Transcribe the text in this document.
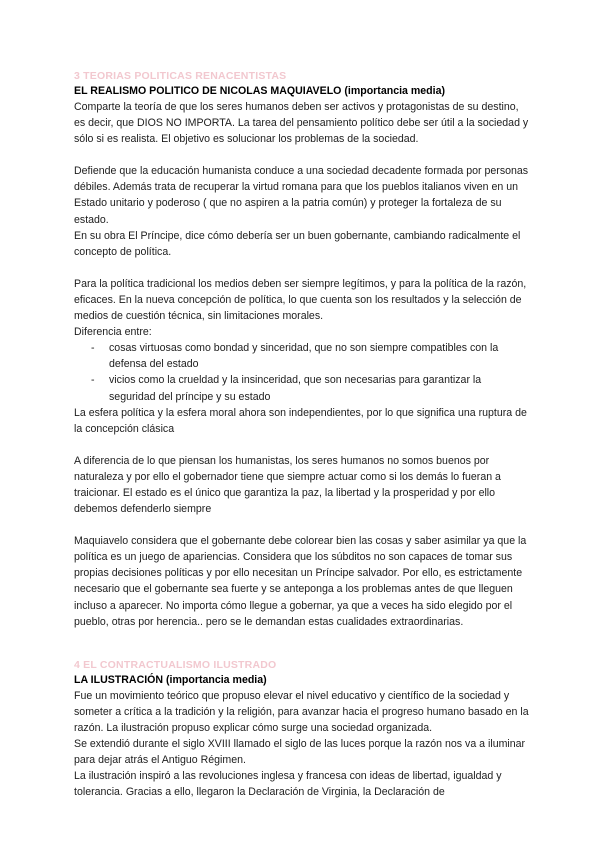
3 TEORIAS POLITICAS RENACENTISTAS
EL REALISMO POLITICO DE NICOLAS MAQUIAVELO (importancia media)

Comparte la teoría de que los seres humanos deben ser activos y protagonistas de su destino, es decir, que DIOS NO IMPORTA. La tarea del pensamiento político debe ser útil a la sociedad y sólo si es realista. El objetivo es solucionar los problemas de la sociedad.

Defiende que la educación humanista conduce a una sociedad decadente formada por personas débiles. Además trata de recuperar la virtud romana para que los pueblos italianos viven en un Estado unitario y poderoso ( que no aspiren a la patria común) y proteger la fortaleza de su estado.

En su obra El Príncipe, dice cómo debería ser un buen gobernante, cambiando radicalmente el concepto de política.

Para la política tradicional los medios deben ser siempre legítimos, y para la política de la razón, eficaces. En la nueva concepción de política, lo que cuenta son los resultados y la selección de medios de cuestión técnica, sin limitaciones morales.

Diferencia entre:

- cosas virtuosas como bondad y sinceridad, que no son siempre compatibles con la defensa del estado
- vicios como la crueldad y la insinceridad, que son necesarias para garantizar la seguridad del príncipe y su estado

La esfera política y la esfera moral ahora son independientes, por lo que significa una ruptura de la concepción clásica

A diferencia de lo que piensan los humanistas, los seres humanos no somos buenos por naturaleza y por ello el gobernador tiene que siempre actuar como si los demás lo fueran a traicionar. El estado es el único que garantiza la paz, la libertad y la prosperidad y por ello debemos defenderlo siempre

Maquiavelo considera que el gobernante debe colorear bien las cosas y saber asimilar ya que la política es un juego de apariencias. Considera que los súbditos no son capaces de tomar sus propias decisiones políticas y por ello necesitan un Príncipe salvador. Por ello, es estrictamente necesario que el gobernante sea fuerte y se anteponga a los problemas antes de que lleguen incluso a aparecer. No importa cómo llegue a gobernar, ya que a veces ha sido elegido por el pueblo, otras por herencia.. pero se le demandan estas cualidades extraordinarias.

4 EL CONTRACTUALISMO ILUSTRADO
LA ILUSTRACIÓN (importancia media)

Fue un movimiento teórico que propuso elevar el nivel educativo y científico de la sociedad y someter a crítica a la tradición y la religión, para avanzar hacia el progreso humano basado en la razón. La ilustración propuso explicar cómo surge una sociedad organizada.

Se extendió durante el siglo XVIII llamado el siglo de las luces porque la razón nos va a iluminar para dejar atrás el Antiguo Régimen.

La ilustración inspiró a las revoluciones inglesa y francesa con ideas de libertad, igualdad y tolerancia. Gracias a ello, llegaron la Declaración de Virginia, la Declaración de
